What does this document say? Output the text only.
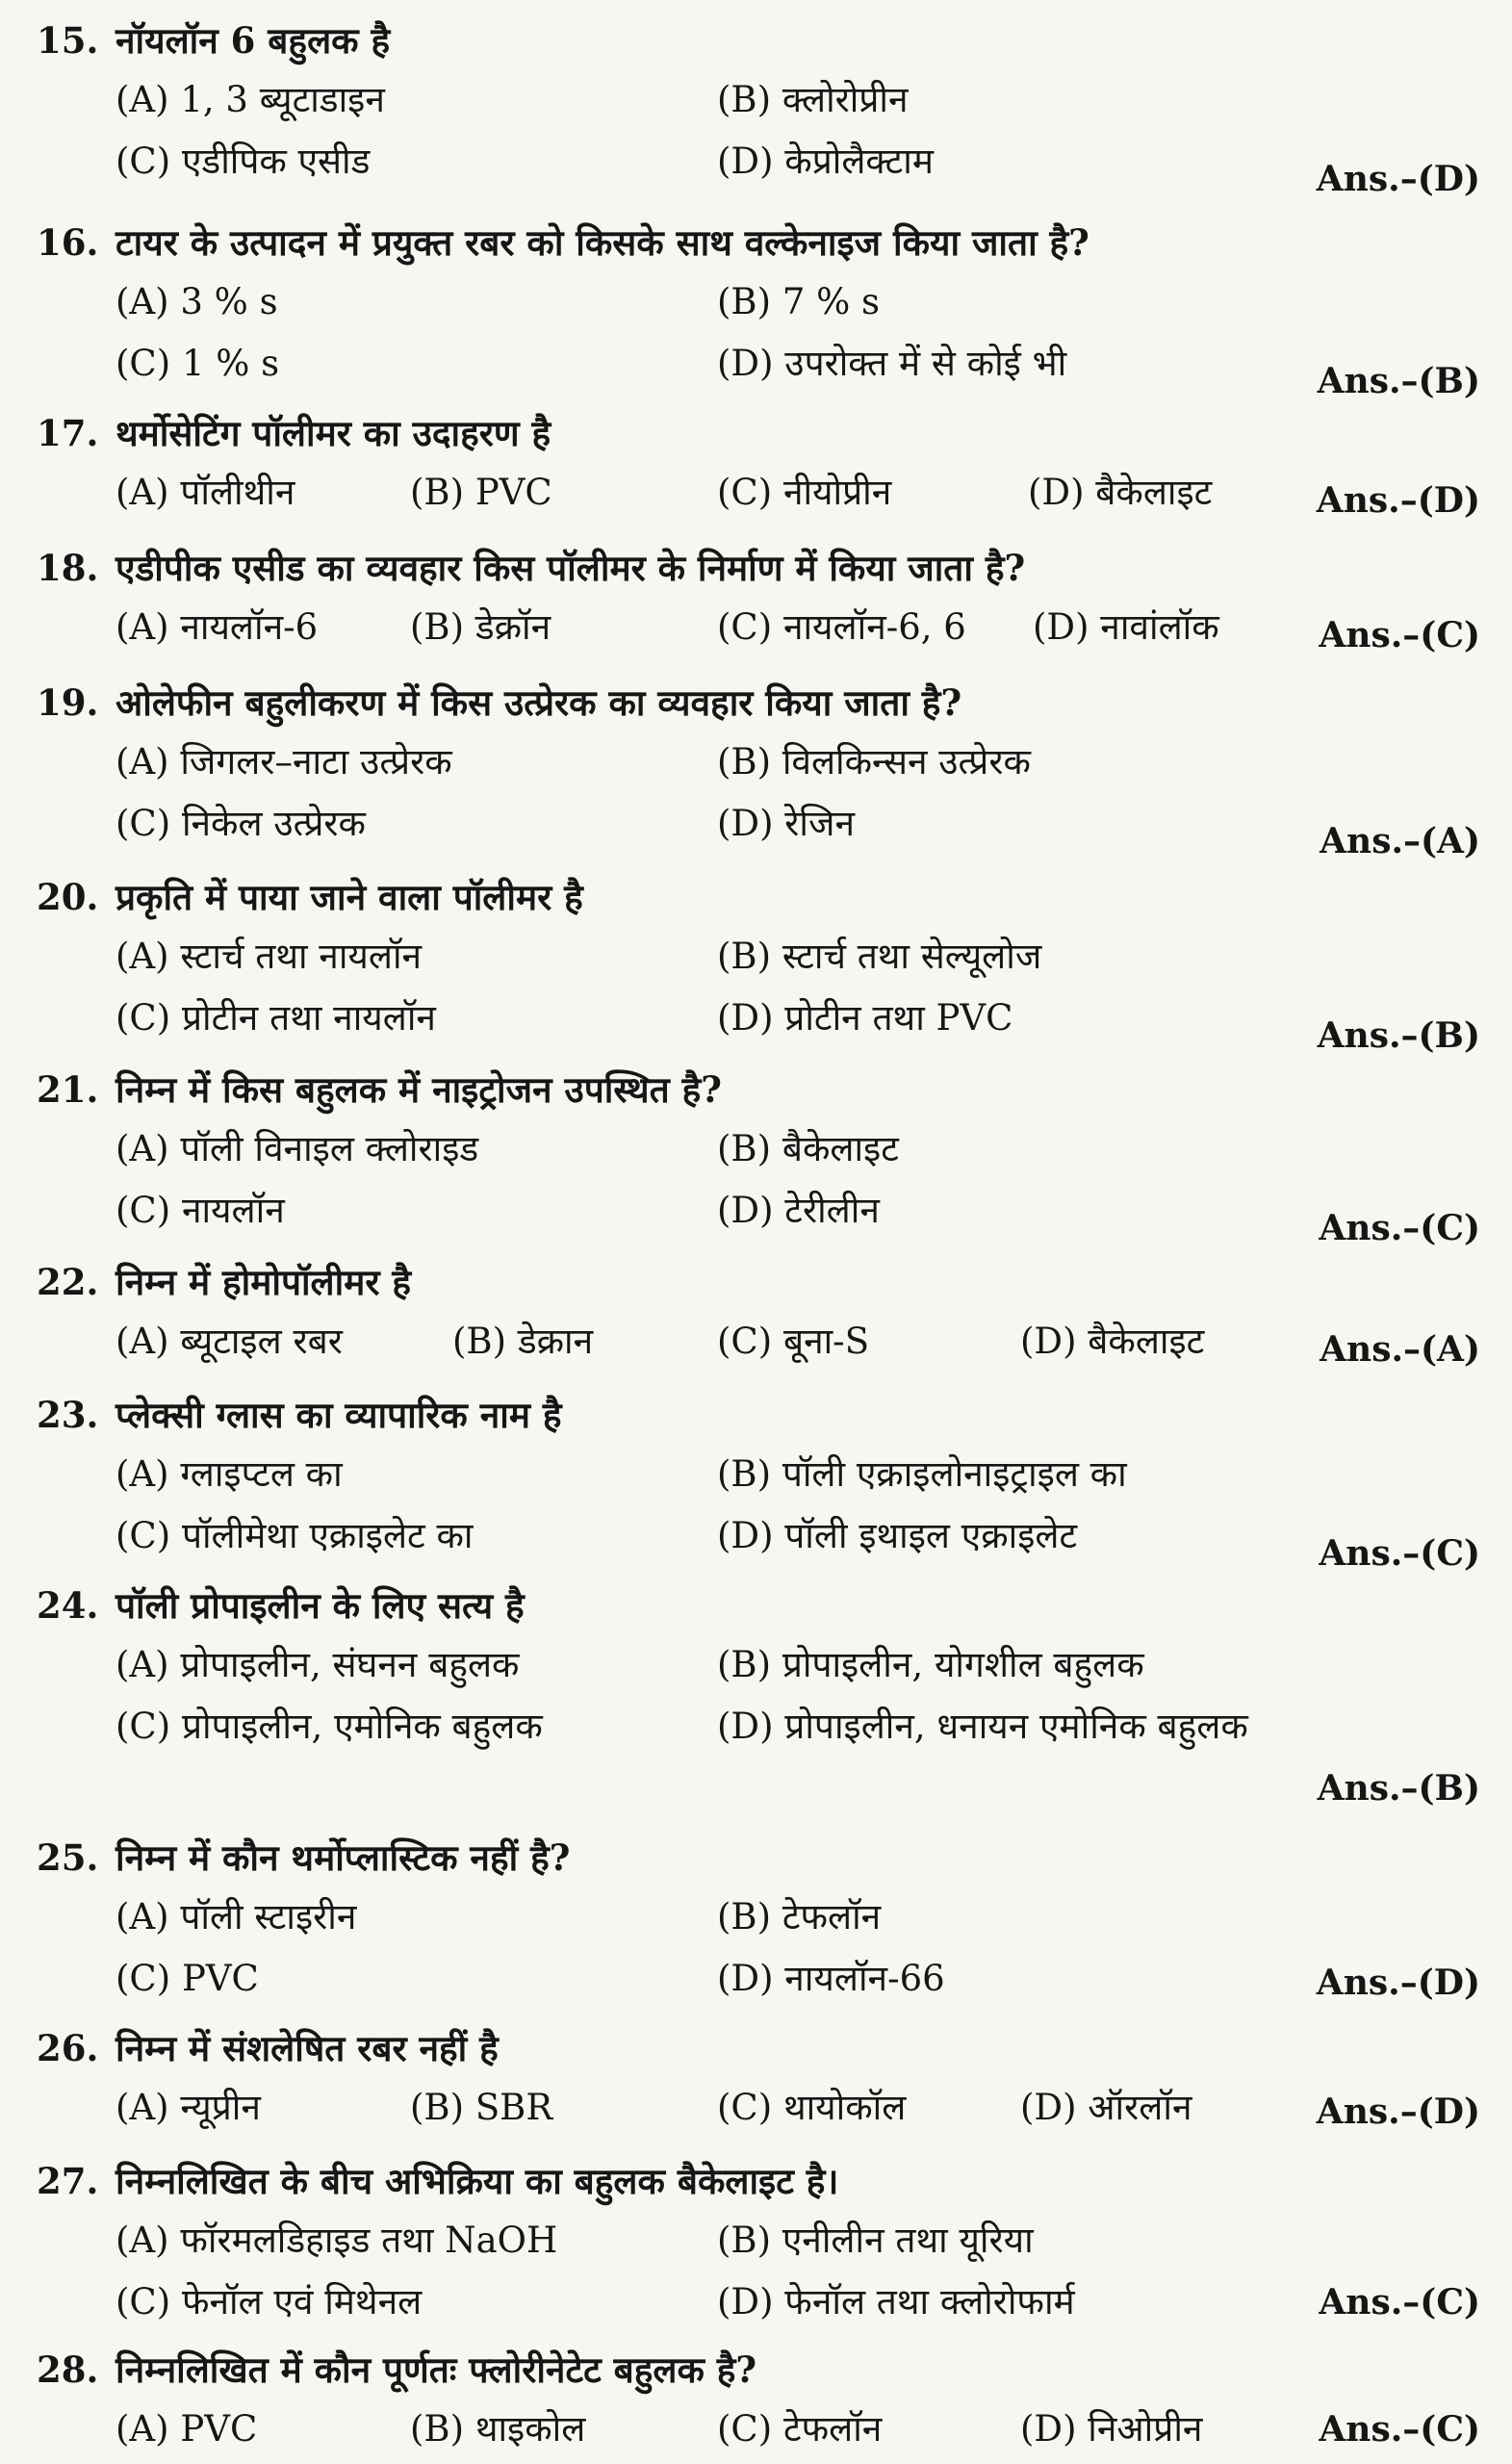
15. नॉयलॉन 6 बहुलक है
(A) 1, 3 ब्यूटाडाइन	(B) क्लोरोप्रीन
(C) एडीपिक एसीड	(D) केप्रोलैक्टाम	Ans.–(D)
16. टायर के उत्पादन में प्रयुक्त रबर को किसके साथ वल्केनाइज किया जाता है?
(A) 3 % s	(B) 7 % s
(C) 1 % s	(D) उपरोक्त में से कोई भी	Ans.–(B)
17. थर्मोसेटिंग पॉलीमर का उदाहरण है
(A) पॉलीथीन	(B) PVC	(C) नीयोप्रीन	(D) बैकेलाइट	Ans.–(D)
18. एडीपीक एसीड का व्यवहार किस पॉलीमर के निर्माण में किया जाता है?
(A) नायलॉन-6	(B) डेक्रॉन	(C) नायलॉन-6, 6 (D) नावांलॉक	Ans.–(C)
19. ओलेफीन बहुलीकरण में किस उत्प्रेरक का व्यवहार किया जाता है?
(A) जिगलर–नाटा उत्प्रेरक	(B) विलकिन्सन उत्प्रेरक
(C) निकेल उत्प्रेरक	(D) रेजिन	Ans.–(A)
20. प्रकृति में पाया जाने वाला पॉलीमर है
(A) स्टार्च तथा नायलॉन	(B) स्टार्च तथा सेल्यूलोज
(C) प्रोटीन तथा नायलॉन	(D) प्रोटीन तथा PVC	Ans.–(B)
21. निम्न में किस बहुलक में नाइट्रोजन उपस्थित है?
(A) पॉली विनाइल क्लोराइड	(B) बैकेलाइट
(C) नायलॉन	(D) टेरीलीन	Ans.–(C)
22. निम्न में होमोपॉलीमर है
(A) ब्यूटाइल रबर	(B) डेक्रान	(C) बूना-S	(D) बैकेलाइट	Ans.–(A)
23. प्लेक्सी ग्लास का व्यापारिक नाम है
(A) ग्लाइप्टल का	(B) पॉली एक्राइलोनाइट्राइल का
(C) पॉलीमेथा एक्राइलेट का	(D) पॉली इथाइल एक्राइलेट	Ans.–(C)
24. पॉली प्रोपाइलीन के लिए सत्य है
(A) प्रोपाइलीन, संघनन बहुलक	(B) प्रोपाइलीन, योगशील बहुलक
(C) प्रोपाइलीन, एमोनिक बहुलक	(D) प्रोपाइलीन, धनायन एमोनिक बहुलक
Ans.–(B)
25. निम्न में कौन थर्मोप्लास्टिक नहीं है?
(A) पॉली स्टाइरीन	(B) टेफलॉन
(C) PVC	(D) नायलॉन-66	Ans.–(D)
26. निम्न में संशलेषित रबर नहीं है
(A) न्यूप्रीन	(B) SBR	(C) थायोकॉल	(D) ऑरलॉन	Ans.–(D)
27. निम्नलिखित के बीच अभिक्रिया का बहुलक बैकेलाइट है।
(A) फॉरमलडिहाइड तथा NaOH	(B) एनीलीन तथा यूरिया
(C) फेनॉल एवं मिथेनल	(D) फेनॉल तथा क्लोरोफार्म	Ans.–(C)
28. निम्नलिखित में कौन पूर्णतः फ्लोरीनेटेट बहुलक है?
(A) PVC	(B) थाइकोल	(C) टेफलॉन	(D) निओप्रीन	Ans.–(C)
